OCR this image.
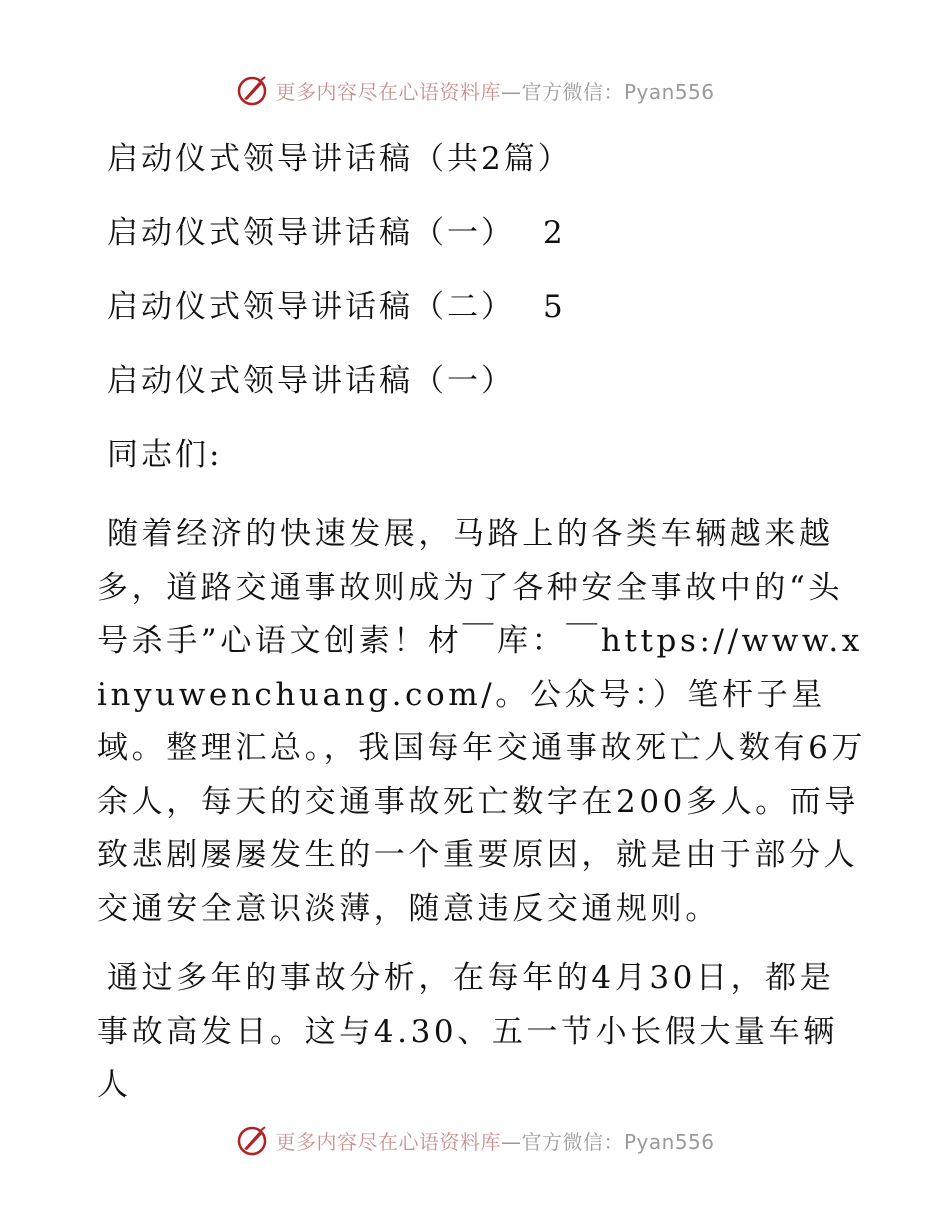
更多内容尽在心语资料库—官方微信：Pyan556
启动仪式领导讲话稿（共2篇）
启动仪式领导讲话稿（一） 2
启动仪式领导讲话稿（二） 5
启动仪式领导讲话稿（一）
同志们:

随着经济的快速发展，马路上的各类车辆越来越多，道路交通事故则成为了各种安全事故中的“头号杀手”心语文创素！材￣库：￣https://www.xinyuwenchuang.com/。公众号：）笔杆子星域。整理汇总。，我国每年交通事故死亡人数有6万余人，每天的交通事故死亡数字在200多人。而导致悲剧屡屡发生的一个重要原因，就是由于部分人交通安全意识淡薄，随意违反交通规则。

通过多年的事故分析，在每年的4月30日，都是事故高发日。这与4.30、五一节小长假大量车辆人

更多内容尽在心语资料库—官方微信：Pyan556
